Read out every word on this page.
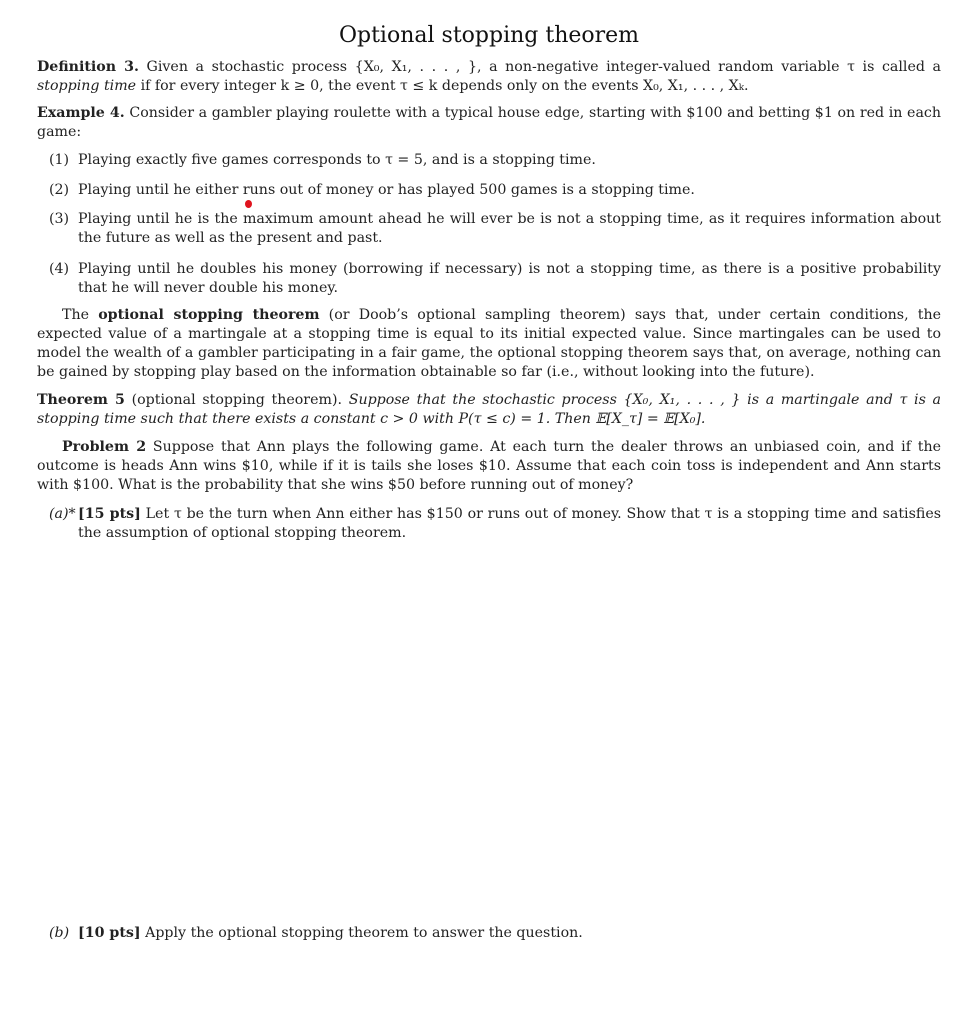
Optional stopping theorem
Definition 3. Given a stochastic process {X₀, X₁, . . . , }, a non-negative integer-valued random variable τ is called a stopping time if for every integer k ≥ 0, the event τ ≤ k depends only on the events X₀, X₁, . . . , Xₖ.
Example 4. Consider a gambler playing roulette with a typical house edge, starting with $100 and betting $1 on red in each game:
(1) Playing exactly five games corresponds to τ = 5, and is a stopping time.
(2) Playing until he either runs out of money or has played 500 games is a stopping time.
(3) Playing until he is the maximum amount ahead he will ever be is not a stopping time, as it requires information about the future as well as the present and past.
(4) Playing until he doubles his money (borrowing if necessary) is not a stopping time, as there is a positive probability that he will never double his money.
The optional stopping theorem (or Doob’s optional sampling theorem) says that, under certain conditions, the expected value of a martingale at a stopping time is equal to its initial expected value. Since martingales can be used to model the wealth of a gambler participating in a fair game, the optional stopping theorem says that, on average, nothing can be gained by stopping play based on the information obtainable so far (i.e., without looking into the future).
Theorem 5 (optional stopping theorem). Suppose that the stochastic process {X₀, X₁, . . . , } is a martingale and τ is a stopping time such that there exists a constant c > 0 with P(τ ≤ c) = 1. Then 𝔼[X_τ] = 𝔼[X₀].
Problem 2 Suppose that Ann plays the following game. At each turn the dealer throws an unbiased coin, and if the outcome is heads Ann wins $10, while if it is tails she loses $10. Assume that each coin toss is independent and Ann starts with $100. What is the probability that she wins $50 before running out of money?
(a)* [15 pts] Let τ be the turn when Ann either has $150 or runs out of money. Show that τ is a stopping time and satisfies the assumption of optional stopping theorem.
(b) [10 pts] Apply the optional stopping theorem to answer the question.
